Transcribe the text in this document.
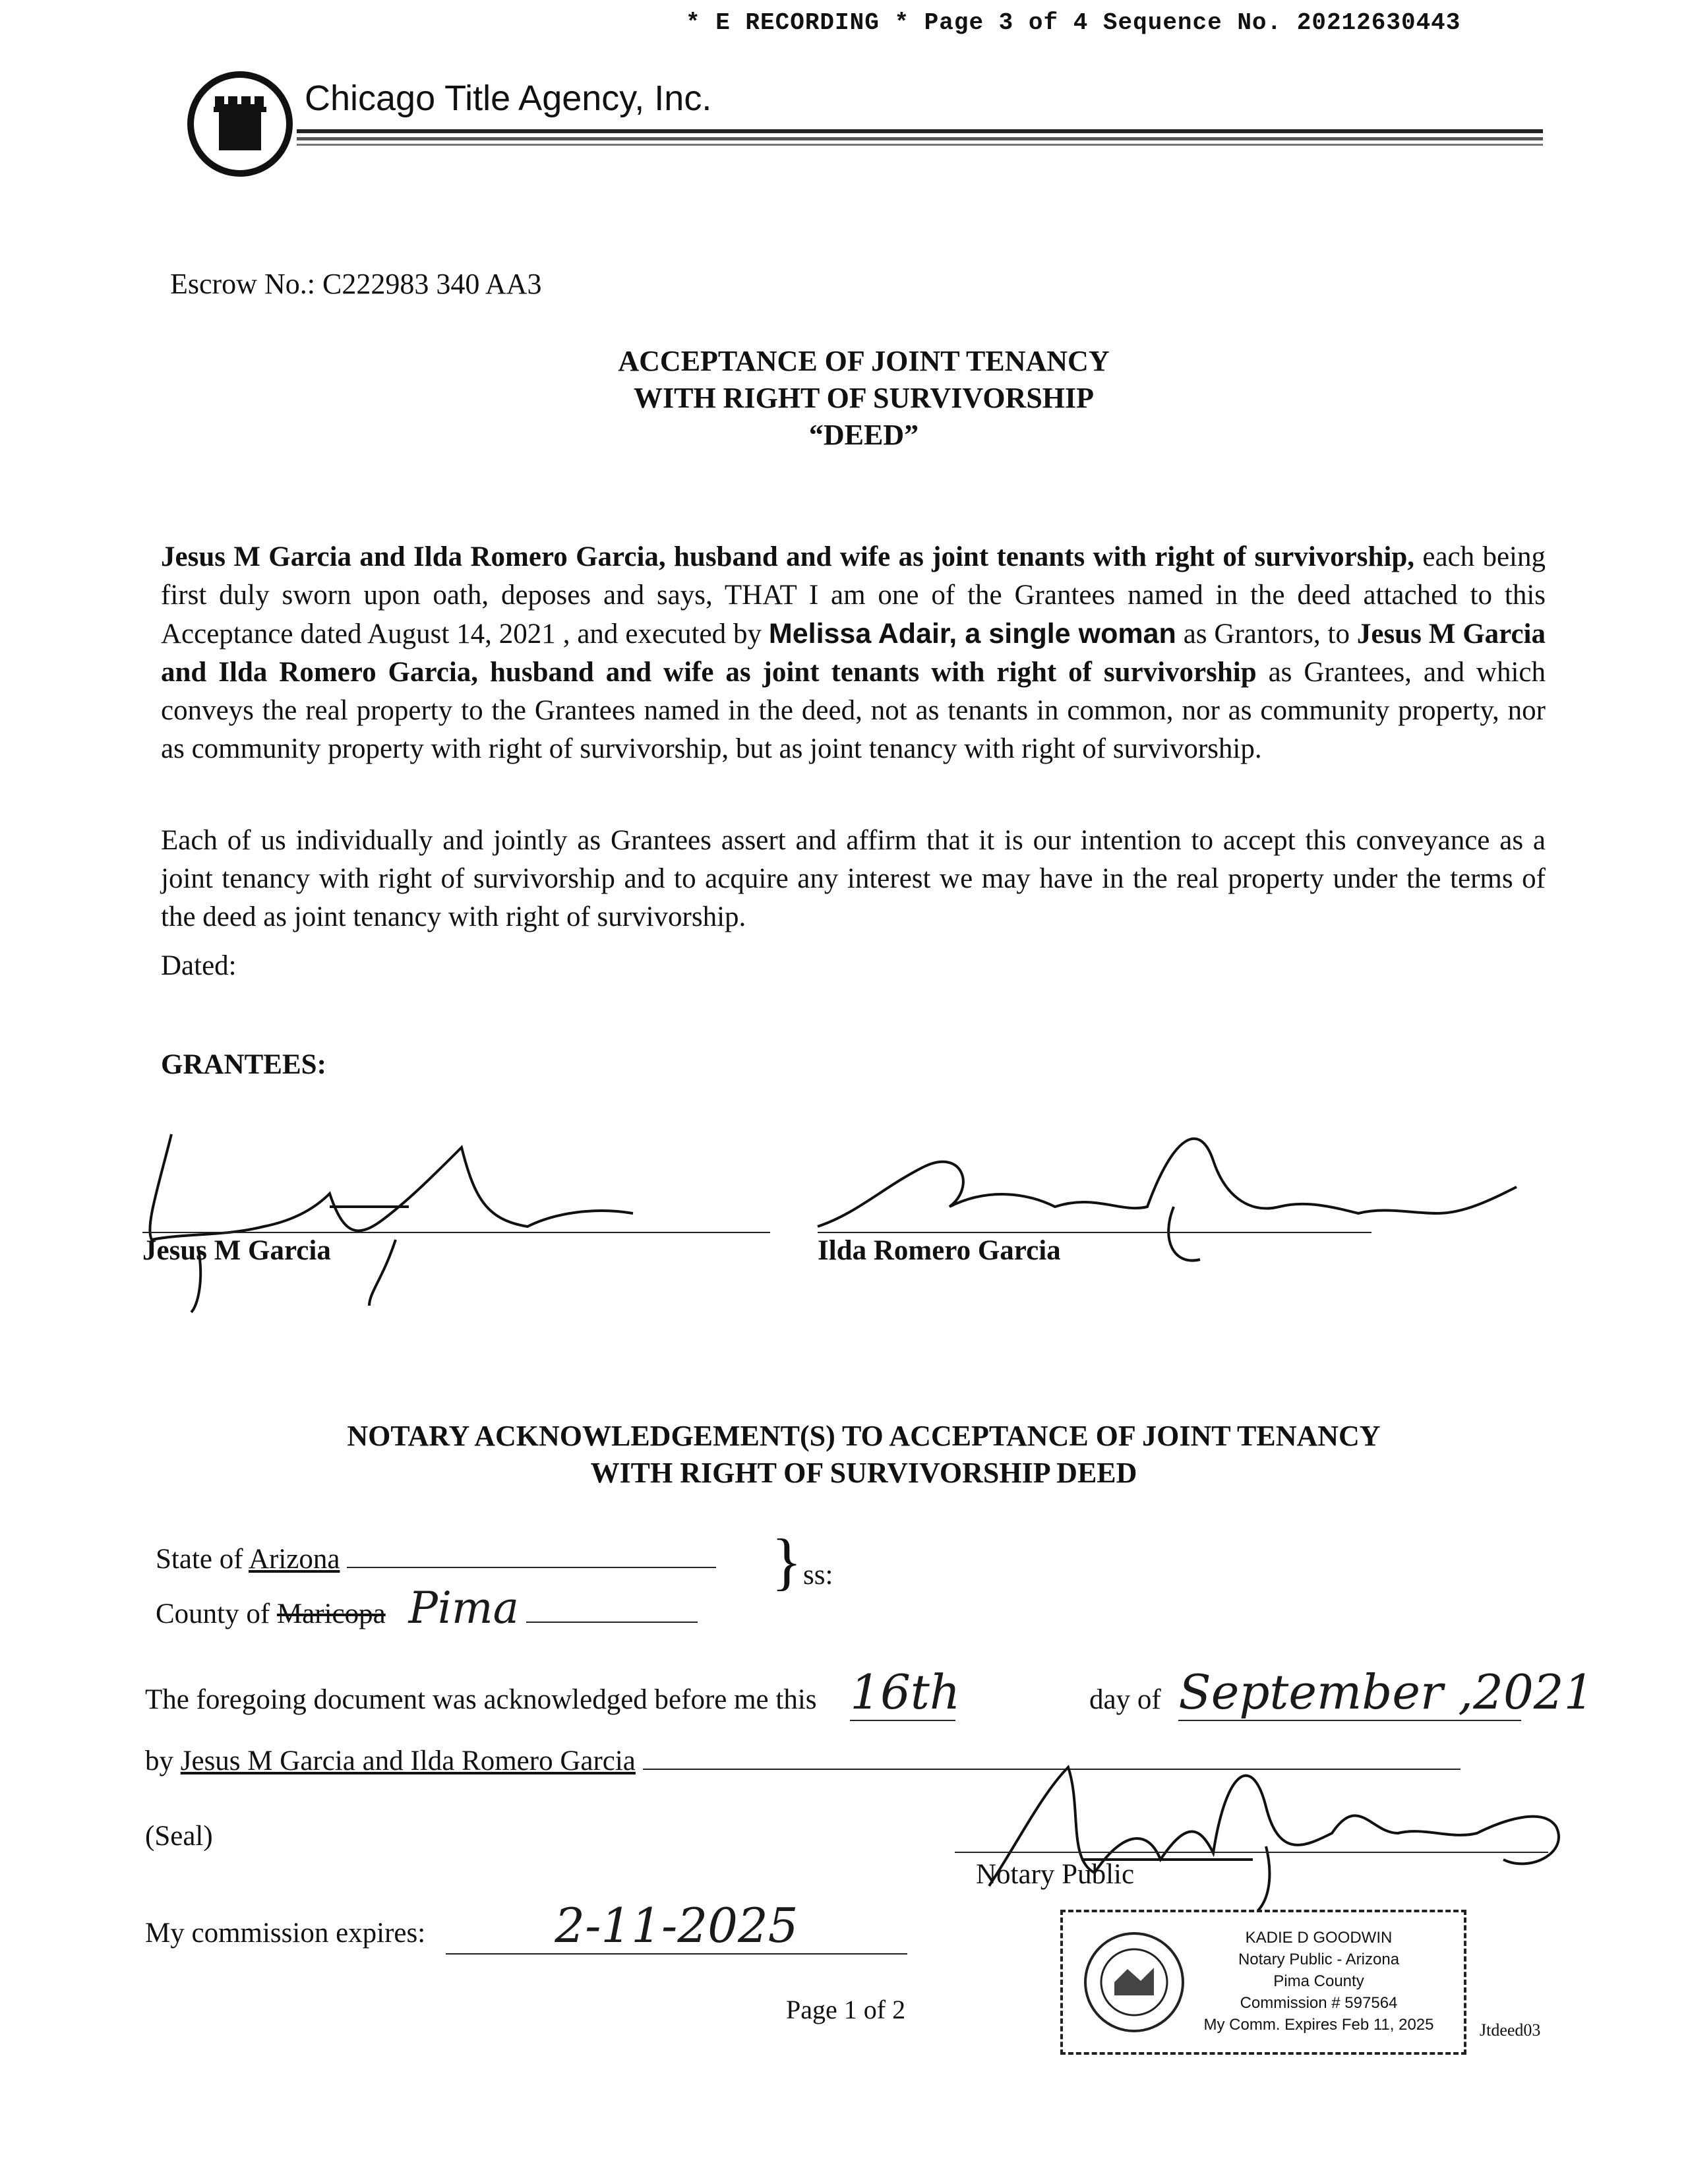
* E RECORDING * Page 3 of 4 Sequence No. 20212630443
Chicago Title Agency, Inc.
Escrow No.: C222983 340 AA3
ACCEPTANCE OF JOINT TENANCY
WITH RIGHT OF SURVIVORSHIP
“DEED”
Jesus M Garcia and Ilda Romero Garcia, husband and wife as joint tenants with right of survivorship, each being first duly sworn upon oath, deposes and says, THAT I am one of the Grantees named in the deed attached to this Acceptance dated August 14, 2021 , and executed by Melissa Adair, a single woman as Grantors, to Jesus M Garcia and Ilda Romero Garcia, husband and wife as joint tenants with right of survivorship as Grantees, and which conveys the real property to the Grantees named in the deed, not as tenants in common, nor as community property, nor as community property with right of survivorship, but as joint tenancy with right of survivorship.
Each of us individually and jointly as Grantees assert and affirm that it is our intention to accept this conveyance as a joint tenancy with right of survivorship and to acquire any interest we may have in the real property under the terms of the deed as joint tenancy with right of survivorship.
Dated:
GRANTEES:
Jesus M Garcia	Ilda Romero Garcia
NOTARY ACKNOWLEDGEMENT(S) TO ACCEPTANCE OF JOINT TENANCY
WITH RIGHT OF SURVIVORSHIP DEED
State of Arizona
County of Maricopa Pima
} ss:
The foregoing document was acknowledged before me this 16th	day of September ,2021
by Jesus M Garcia and Ilda Romero Garcia
(Seal)
Notary Public
My commission expires:	2-11-2025	KADIE D GOODWIN
Notary Public - Arizona
Pima County
Commission # 597564
My Comm. Expires Feb 11, 2025
Page 1 of 2
Jtdeed03
